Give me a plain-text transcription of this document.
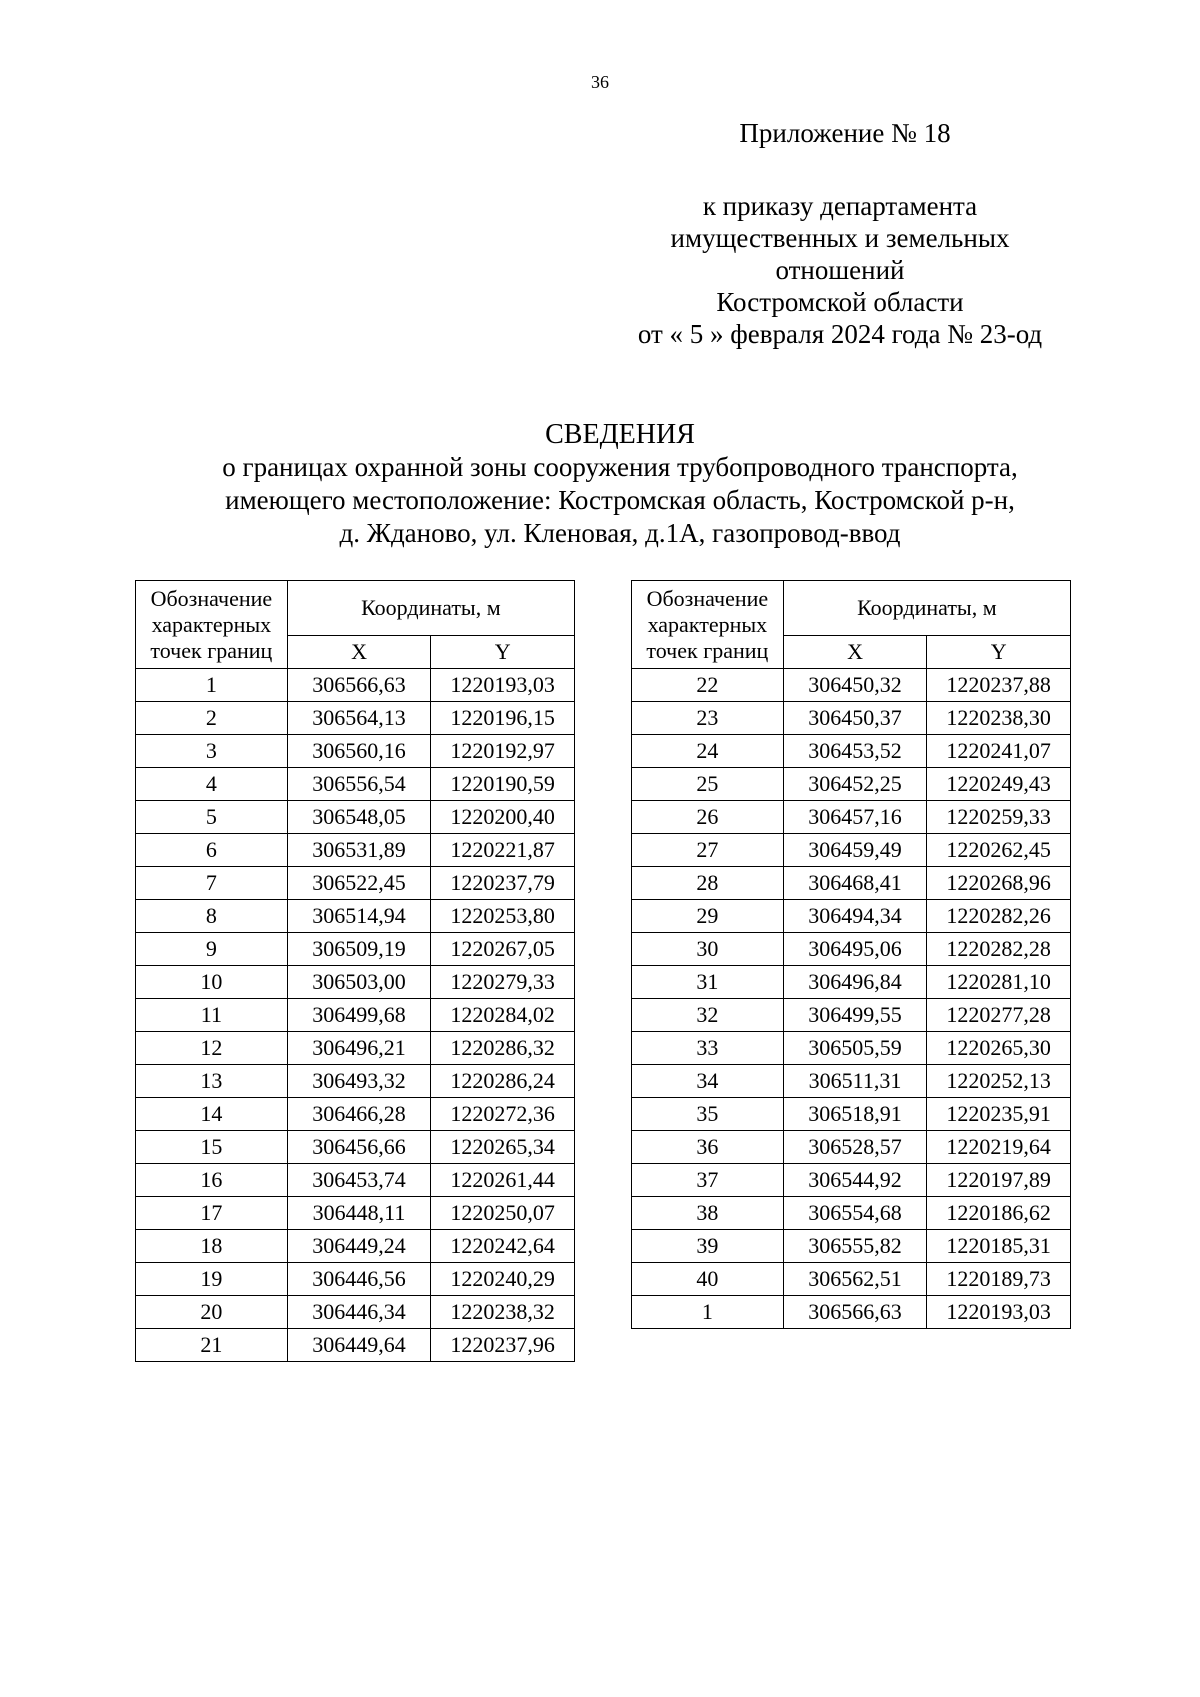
36
Приложение № 18
к приказу департамента
имущественных и земельных
отношений
Костромской области
от « 5 » февраля 2024 года № 23-од
СВЕДЕНИЯ
о границах охранной зоны сооружения трубопроводного транспорта,
имеющего местоположение: Костромская область, Костромской р-н,
д. Жданово, ул. Кленовая, д.1А, газопровод-ввод
Обозначение характерных точек границ	Координаты, м	
	X	Y
1	306566,63	1220193,03
2	306564,13	1220196,15
3	306560,16	1220192,97
4	306556,54	1220190,59
5	306548,05	1220200,40
6	306531,89	1220221,87
7	306522,45	1220237,79
8	306514,94	1220253,80
9	306509,19	1220267,05
10	306503,00	1220279,33
11	306499,68	1220284,02
12	306496,21	1220286,32
13	306493,32	1220286,24
14	306466,28	1220272,36
15	306456,66	1220265,34
16	306453,74	1220261,44
17	306448,11	1220250,07
18	306449,24	1220242,64
19	306446,56	1220240,29
20	306446,34	1220238,32
21	306449,64	1220237,96
Обозначение характерных точек границ	Координаты, м	
	X	Y
22	306450,32	1220237,88
23	306450,37	1220238,30
24	306453,52	1220241,07
25	306452,25	1220249,43
26	306457,16	1220259,33
27	306459,49	1220262,45
28	306468,41	1220268,96
29	306494,34	1220282,26
30	306495,06	1220282,28
31	306496,84	1220281,10
32	306499,55	1220277,28
33	306505,59	1220265,30
34	306511,31	1220252,13
35	306518,91	1220235,91
36	306528,57	1220219,64
37	306544,92	1220197,89
38	306554,68	1220186,62
39	306555,82	1220185,31
40	306562,51	1220189,73
1	306566,63	1220193,03
